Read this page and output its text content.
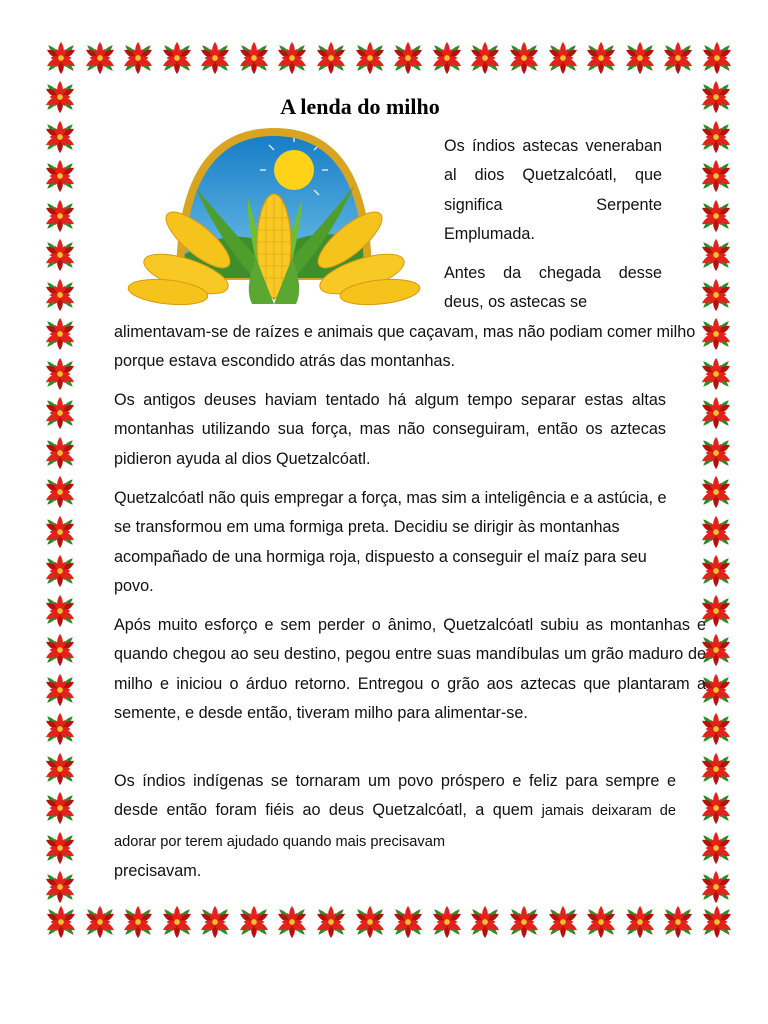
A lenda do milho

Os índios astecas veneraban al dios Quetzalcóatl, que significa Serpente Emplumada.

Antes da chegada desse deus, os astecas se

alimentavam-se de raízes e animais que caçavam, mas não podiam comer milho porque estava escondido atrás das montanhas.

Os antigos deuses haviam tentado há algum tempo separar estas altas montanhas utilizando sua força, mas não conseguiram, então os aztecas pidieron ayuda al dios Quetzalcóatl.

Quetzalcóatl não quis empregar a força, mas sim a inteligência e a astúcia, e se transformou em uma formiga preta. Decidiu se dirigir às montanhas acompañado de una hormiga roja, dispuesto a conseguir el maíz para seu povo.

Após muito esforço e sem perder o ânimo, Quetzalcóatl subiu as montanhas e quando chegou ao seu destino, pegou entre suas mandíbulas um grão maduro de milho e iniciou o árduo retorno. Entregou o grão aos aztecas que plantaram a semente, e desde então, tiveram milho para alimentar-se.

Os índios indígenas se tornaram um povo próspero e feliz para sempre e desde então foram fiéis ao deus Quetzalcóatl, a quem jamais deixaram de adorar por terem ajudado quando mais precisavam
precisavam.
